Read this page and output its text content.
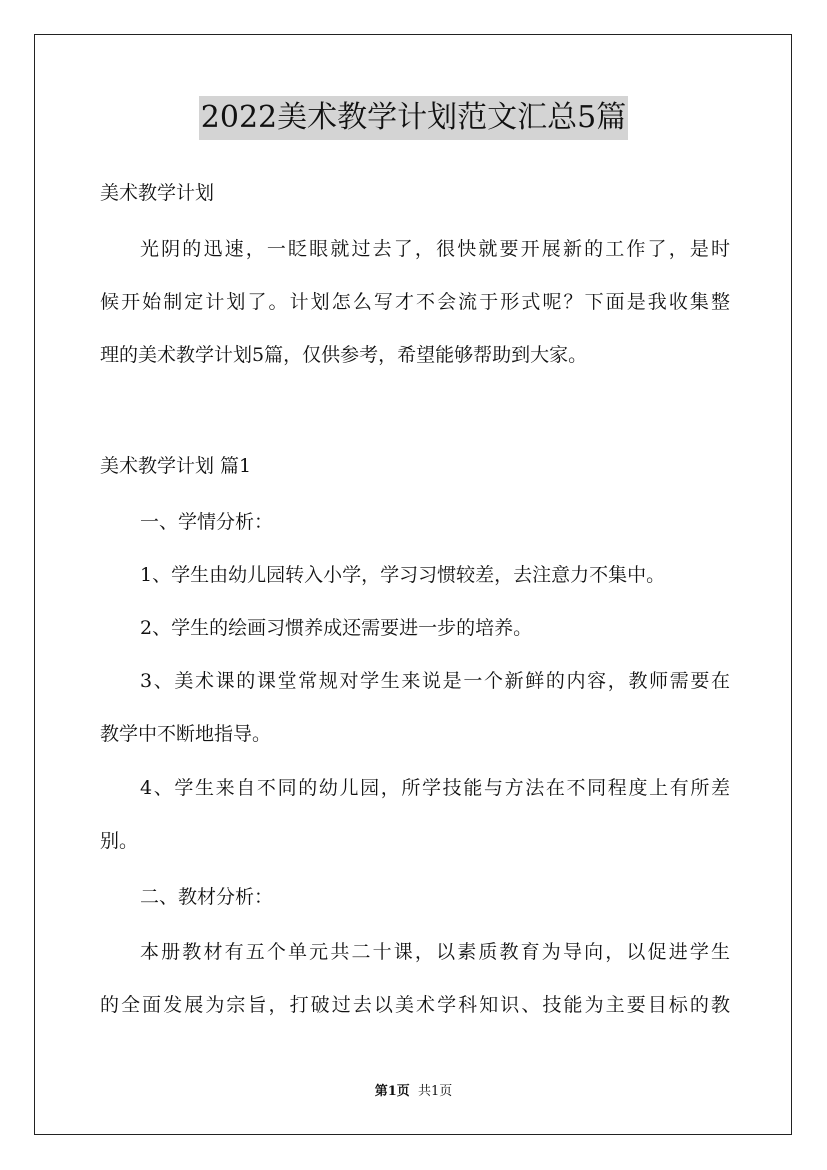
2022美术教学计划范文汇总5篇
美术教学计划
光阴的迅速，一眨眼就过去了，很快就要开展新的工作了，是时
候开始制定计划了。计划怎么写才不会流于形式呢？下面是我收集整
理的美术教学计划5篇，仅供参考，希望能够帮助到大家。
美术教学计划 篇1
一、学情分析：
1、学生由幼儿园转入小学，学习习惯较差，去注意力不集中。
2、学生的绘画习惯养成还需要进一步的培养。
3、美术课的课堂常规对学生来说是一个新鲜的内容，教师需要在
教学中不断地指导。
4、学生来自不同的幼儿园，所学技能与方法在不同程度上有所差
别。
二、教材分析：
本册教材有五个单元共二十课，以素质教育为导向，以促进学生
的全面发展为宗旨，打破过去以美术学科知识、技能为主要目标的教
第1页 共1页
